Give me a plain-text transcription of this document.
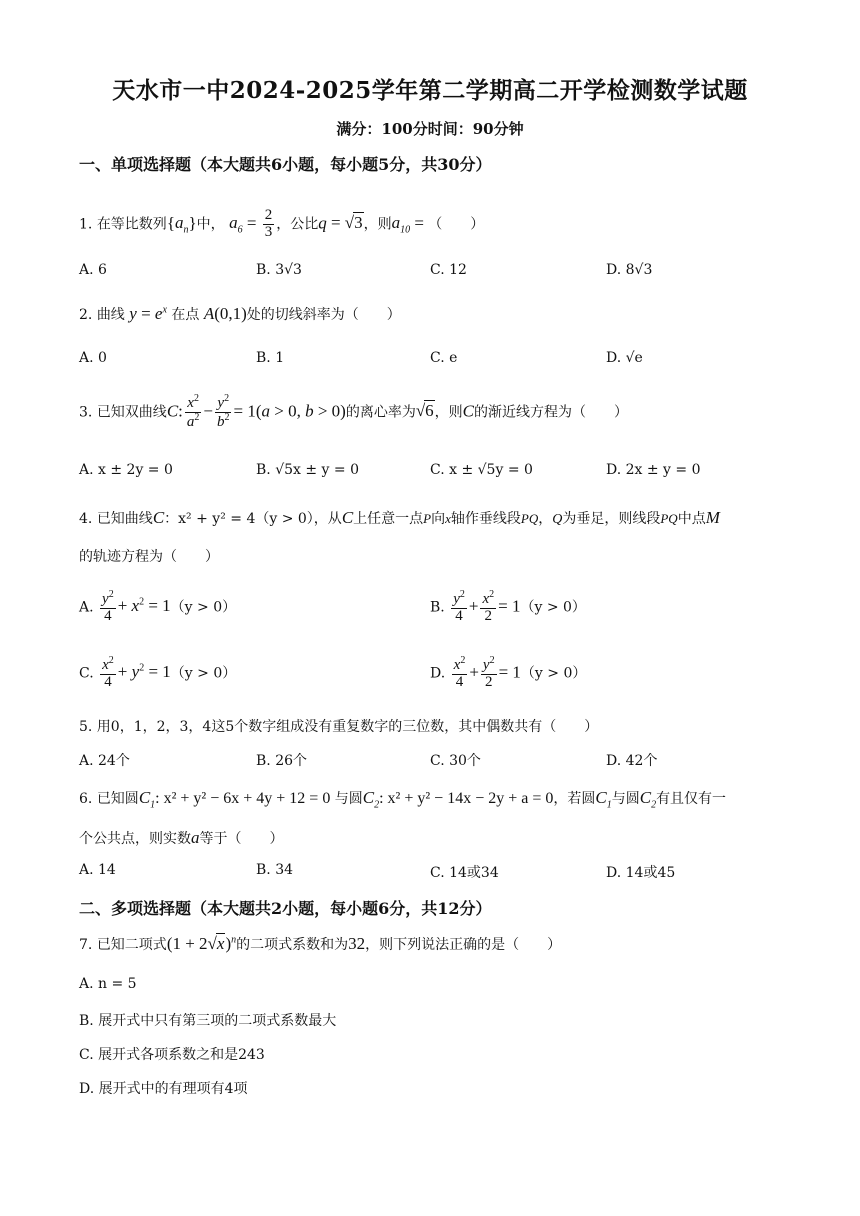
天水市一中2024-2025学年第二学期高二开学检测数学试题
满分：100分时间：90分钟
一、单项选择题（本大题共6小题，每小题5分，共30分）
1. 在等比数列$\{a_n\}$中， $a_6 = \frac{2}{3}$ ，公比q = √3，则$a_{10}$ = （　　）
A. 6	B. 3√3	C. 12	D. 8√3
2. 曲线 $y = e^x$ 在点 A(0,1)处的切线斜率为（　　）
A. 0	B. 1	C. e	D. √e
3. 已知双曲线C: $\frac{x^2}{a^2} - \frac{y^2}{b^2} = 1(a > 0$, b > 0)的离心率为√6，则C的渐近线方程为（　　）
A. x ± 2y = 0	B. √5x ± y = 0	C. x ± √5y = 0	D. 2x ± y = 0
4. 已知曲线C：x² + y² = 4（y > 0），从C上任意一点P向x轴作垂线段PQ，Q为垂足，则线段PQ中点M
的轨迹方程为（　　）
A. $\frac{y^2}{4} + x^2 = 1(y > 0)$	B. $\frac{y^2}{4} + \frac{x^2}{2} = 1(y > 0)$
C. $\frac{x^2}{4} + y^2 = 1(y > 0)$	D. $\frac{x^2}{4} + \frac{y^2}{2} = 1(y > 0)$
5. 用0，1，2，3，4这5个数字组成没有重复数字的三位数，其中偶数共有（　　）
A. 24个	B. 26个	C. 30个	D. 42个
6. 已知圆$C_1$: x² + y² − 6x + 4y + 12 = 0 与圆$C_2$: x² + y² − 14x − 2y + a = 0，若圆$C_1$与圆$C_2$有且仅有一
个公共点，则实数a等于（　　）
A. 14	B. 34	C. 14或34	D. 14或45
二、多项选择题（本大题共2小题，每小题6分，共12分）
7. 已知二项式$(1 + 2√x)^n$的二项式系数和为32，则下列说法正确的是（　　）
A. n = 5
B. 展开式中只有第三项的二项式系数最大
C. 展开式各项系数之和是243
D. 展开式中的有理项有4项
